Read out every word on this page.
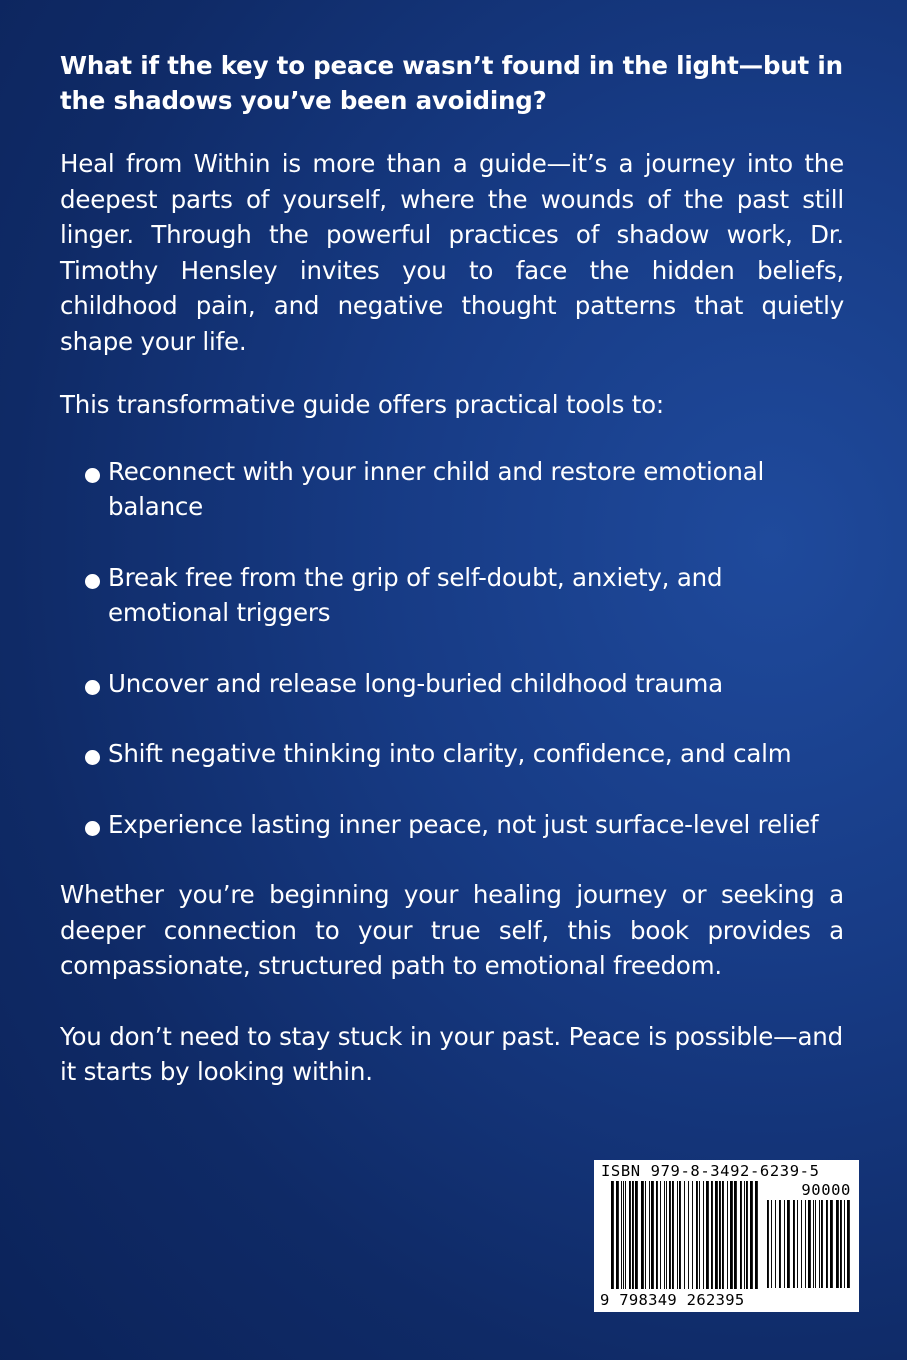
What if the key to peace wasn’t found in the light—but in the shadows you’ve been avoiding?

Heal from Within is more than a guide—it’s a journey into the deepest parts of yourself, where the wounds of the past still linger. Through the powerful practices of shadow work, Dr. Timothy Hensley invites you to face the hidden beliefs, childhood pain, and negative thought patterns that quietly shape your life.

This transformative guide offers practical tools to:

Reconnect with your inner child and restore emotional balance
Break free from the grip of self-doubt, anxiety, and emotional triggers
Uncover and release long-buried childhood trauma
Shift negative thinking into clarity, confidence, and calm
Experience lasting inner peace, not just surface-level relief

Whether you’re beginning your healing journey or seeking a deeper connection to your true self, this book provides a compassionate, structured path to emotional freedom.

You don’t need to stay stuck in your past. Peace is possible—and it starts by looking within.

ISBN 979-8-3492-6239-5
90000
9 798349 262395
